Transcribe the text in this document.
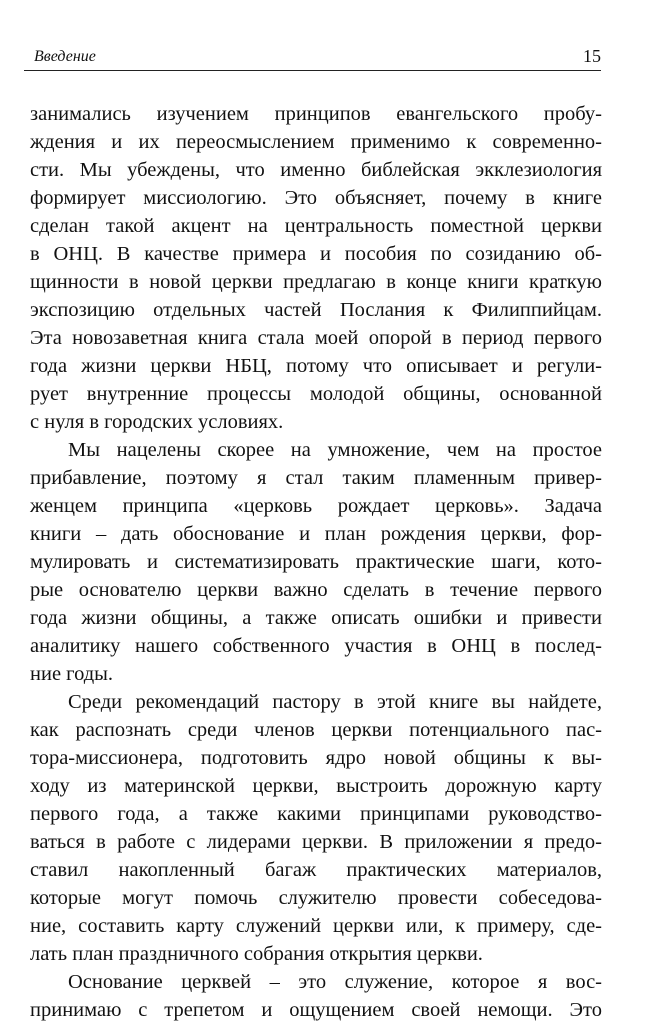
Введение	15
занимались изучением принципов евангельского пробу-
ждения и их переосмыслением применимо к современно-
сти. Мы убеждены, что именно библейская экклезиология
формирует миссиологию. Это объясняет, почему в книге
сделан такой акцент на центральность поместной церкви
в ОНЦ. В качестве примера и пособия по созиданию об-
щинности в новой церкви предлагаю в конце книги краткую
экспозицию отдельных частей Послания к Филиппийцам.
Эта новозаветная книга стала моей опорой в период первого
года жизни церкви НБЦ, потому что описывает и регули-
рует внутренние процессы молодой общины, основанной
с нуля в городских условиях.
Мы нацелены скорее на умножение, чем на простое
прибавление, поэтому я стал таким пламенным привер-
женцем принципа «церковь рождает церковь». Задача
книги – дать обоснование и план рождения церкви, фор-
мулировать и систематизировать практические шаги, кото-
рые основателю церкви важно сделать в течение первого
года жизни общины, а также описать ошибки и привести
аналитику нашего собственного участия в ОНЦ в послед-
ние годы.
Среди рекомендаций пастору в этой книге вы найдете,
как распознать среди членов церкви потенциального пас-
тора-миссионера, подготовить ядро новой общины к вы-
ходу из материнской церкви, выстроить дорожную карту
первого года, а также какими принципами руководство-
ваться в работе с лидерами церкви. В приложении я предо-
ставил накопленный багаж практических материалов,
которые могут помочь служителю провести собеседова-
ние, составить карту служений церкви или, к примеру, сде-
лать план праздничного собрания открытия церкви.
Основание церквей – это служение, которое я вос-
принимаю с трепетом и ощущением своей немощи. Это
